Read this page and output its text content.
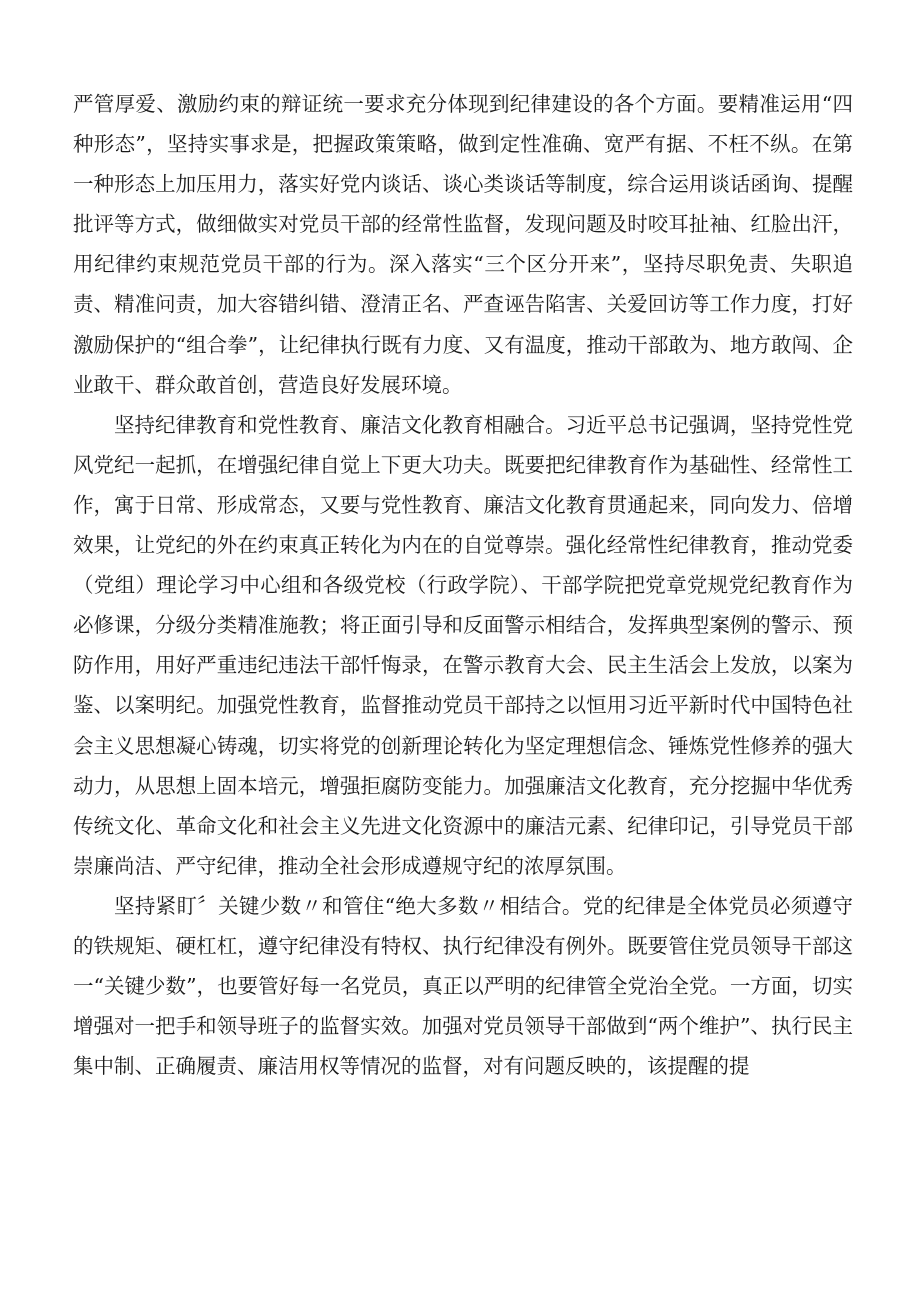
严管厚爱、激励约束的辩证统一要求充分体现到纪律建设的各个方面。要精准运用“四种形态”，坚持实事求是，把握政策策略，做到定性准确、宽严有据、不枉不纵。在第一种形态上加压用力，落实好党内谈话、谈心类谈话等制度，综合运用谈话函询、提醒批评等方式，做细做实对党员干部的经常性监督，发现问题及时咬耳扯袖、红脸出汗，用纪律约束规范党员干部的行为。深入落实“三个区分开来”，坚持尽职免责、失职追责、精准问责，加大容错纠错、澄清正名、严查诬告陷害、关爱回访等工作力度，打好激励保护的“组合拳”，让纪律执行既有力度、又有温度，推动干部敢为、地方敢闯、企业敢干、群众敢首创，营造良好发展环境。

坚持纪律教育和党性教育、廉洁文化教育相融合。习近平总书记强调，坚持党性党风党纪一起抓，在增强纪律自觉上下更大功夫。既要把纪律教育作为基础性、经常性工作，寓于日常、形成常态，又要与党性教育、廉洁文化教育贯通起来，同向发力、倍增效果，让党纪的外在约束真正转化为内在的自觉尊崇。强化经常性纪律教育，推动党委（党组）理论学习中心组和各级党校（行政学院）、干部学院把党章党规党纪教育作为必修课，分级分类精准施教；将正面引导和反面警示相结合，发挥典型案例的警示、预防作用，用好严重违纪违法干部忏悔录，在警示教育大会、民主生活会上发放，以案为鉴、以案明纪。加强党性教育，监督推动党员干部持之以恒用习近平新时代中国特色社会主义思想凝心铸魂，切实将党的创新理论转化为坚定理想信念、锤炼党性修养的强大动力，从思想上固本培元，增强拒腐防变能力。加强廉洁文化教育，充分挖掘中华优秀传统文化、革命文化和社会主义先进文化资源中的廉洁元素、纪律印记，引导党员干部崇廉尚洁、严守纪律，推动全社会形成遵规守纪的浓厚氛围。

坚持紧盯〞关键少数〃和管住“绝大多数〃相结合。党的纪律是全体党员必须遵守的铁规矩、硬杠杠，遵守纪律没有特权、执行纪律没有例外。既要管住党员领导干部这一“关键少数”，也要管好每一名党员，真正以严明的纪律管全党治全党。一方面，切实增强对一把手和领导班子的监督实效。加强对党员领导干部做到“两个维护”、执行民主集中制、正确履责、廉洁用权等情况的监督，对有问题反映的，该提醒的提
